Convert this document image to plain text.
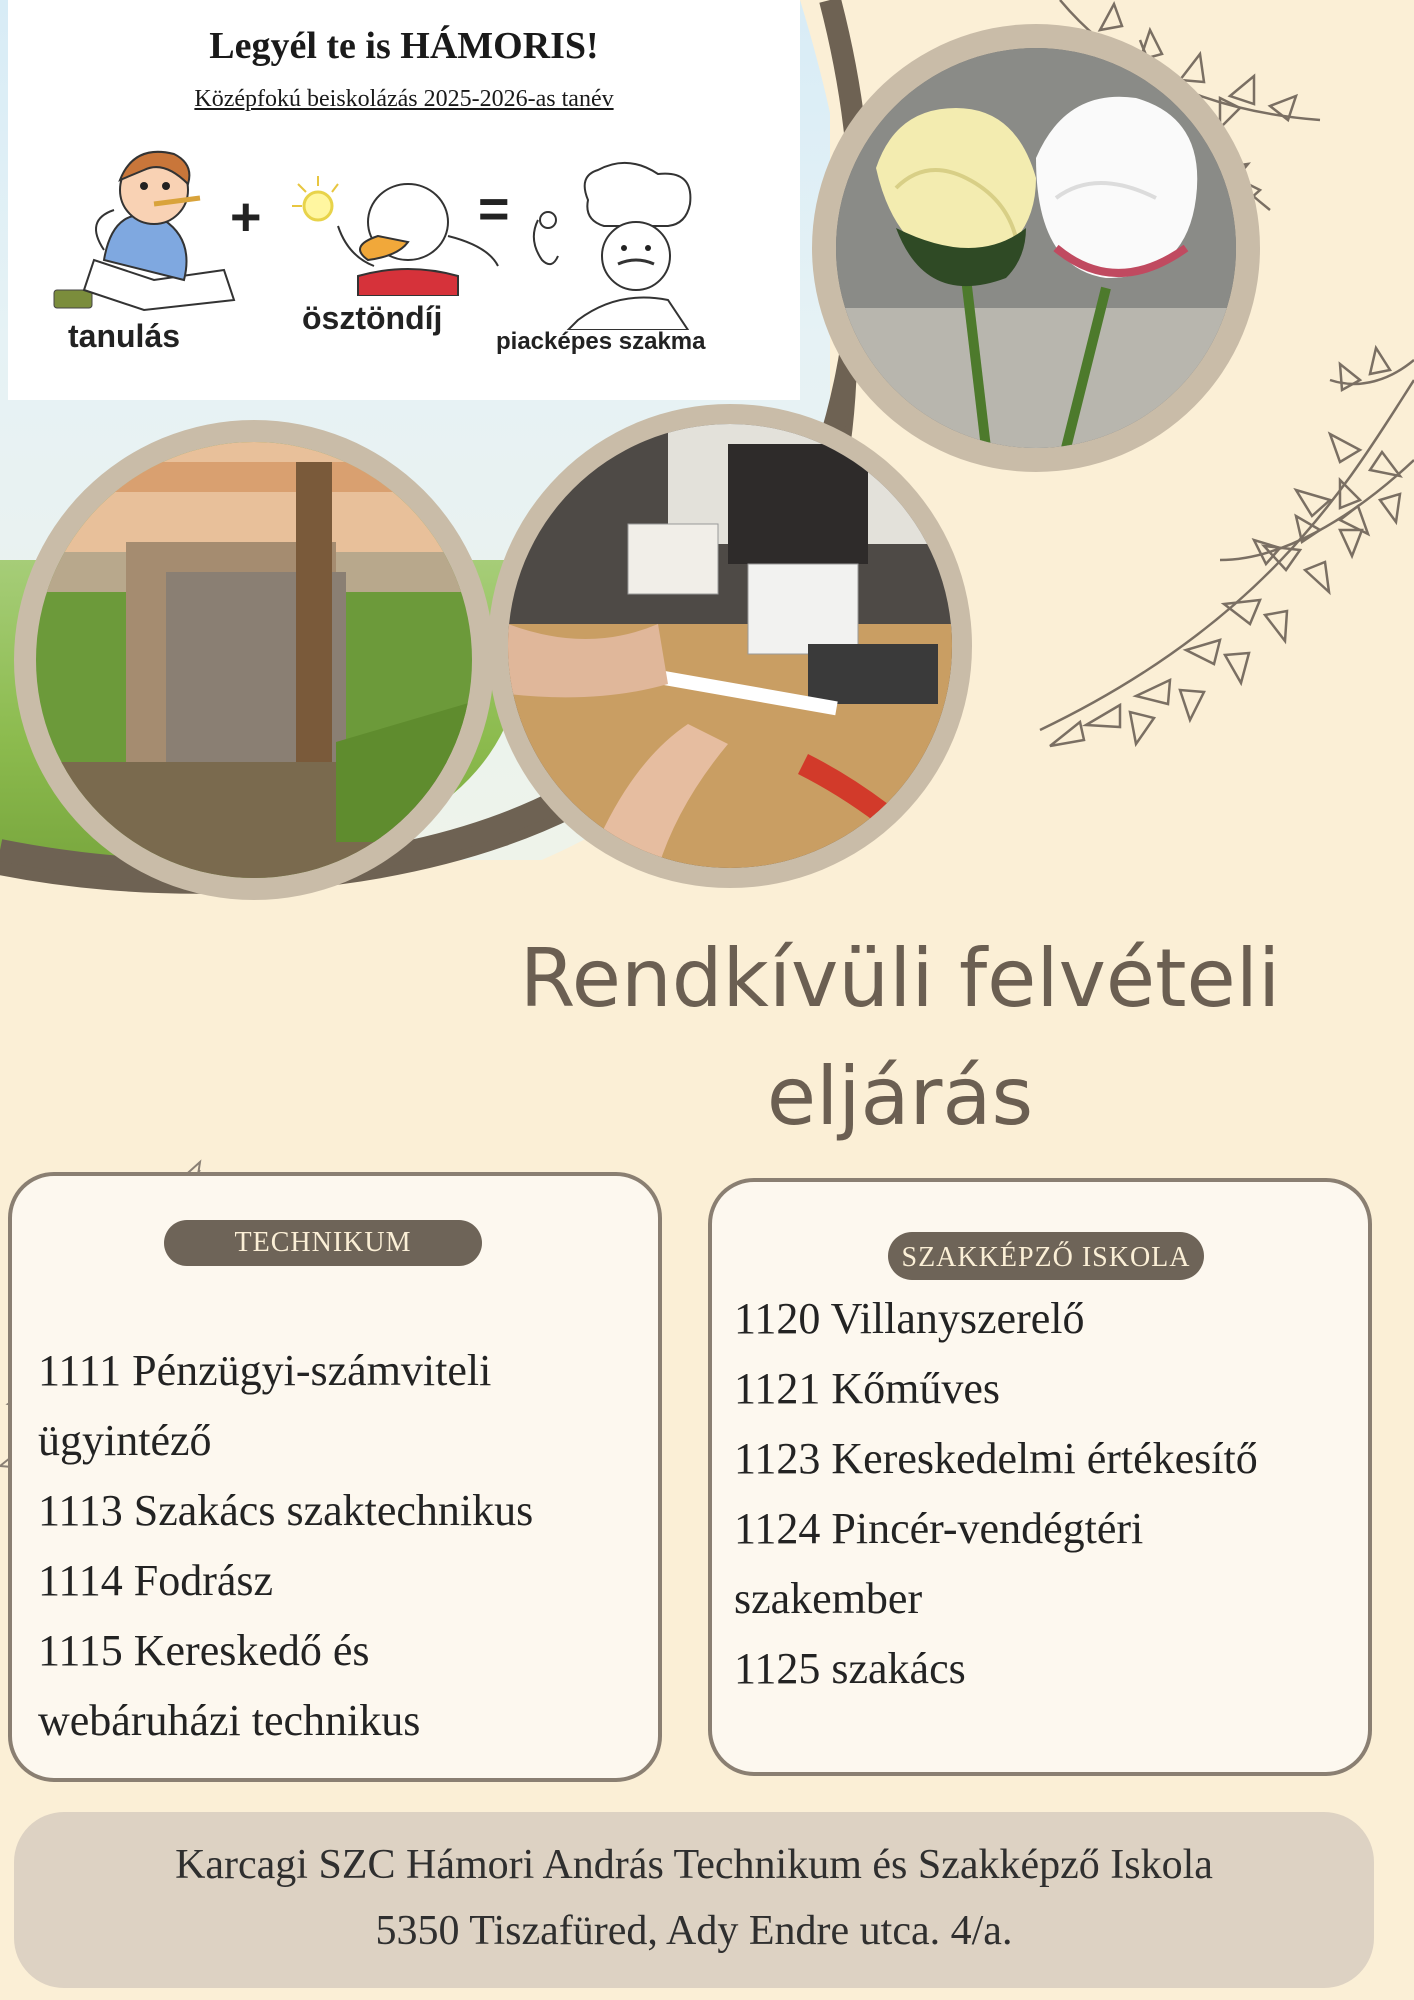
Legyél te is HÁMORIS!
Középfokú beiskolázás 2025-2026-as tanév
+
tanulás
=
ösztöndíj
piacképes szakma
Rendkívüli felvételi
eljárás
TECHNIKUM
1111 Pénzügyi-számviteli
ügyintéző
1113 Szakács szaktechnikus
1114 Fodrász
1115 Kereskedő és
webáruházi technikus
SZAKKÉPZŐ ISKOLA
1120 Villanyszerelő
1121 Kőműves
1123 Kereskedelmi értékesítő
1124 Pincér-vendégtéri
szakember
1125 szakács
Karcagi SZC Hámori András Technikum és Szakképző Iskola
5350 Tiszafüred, Ady Endre utca. 4/a.
